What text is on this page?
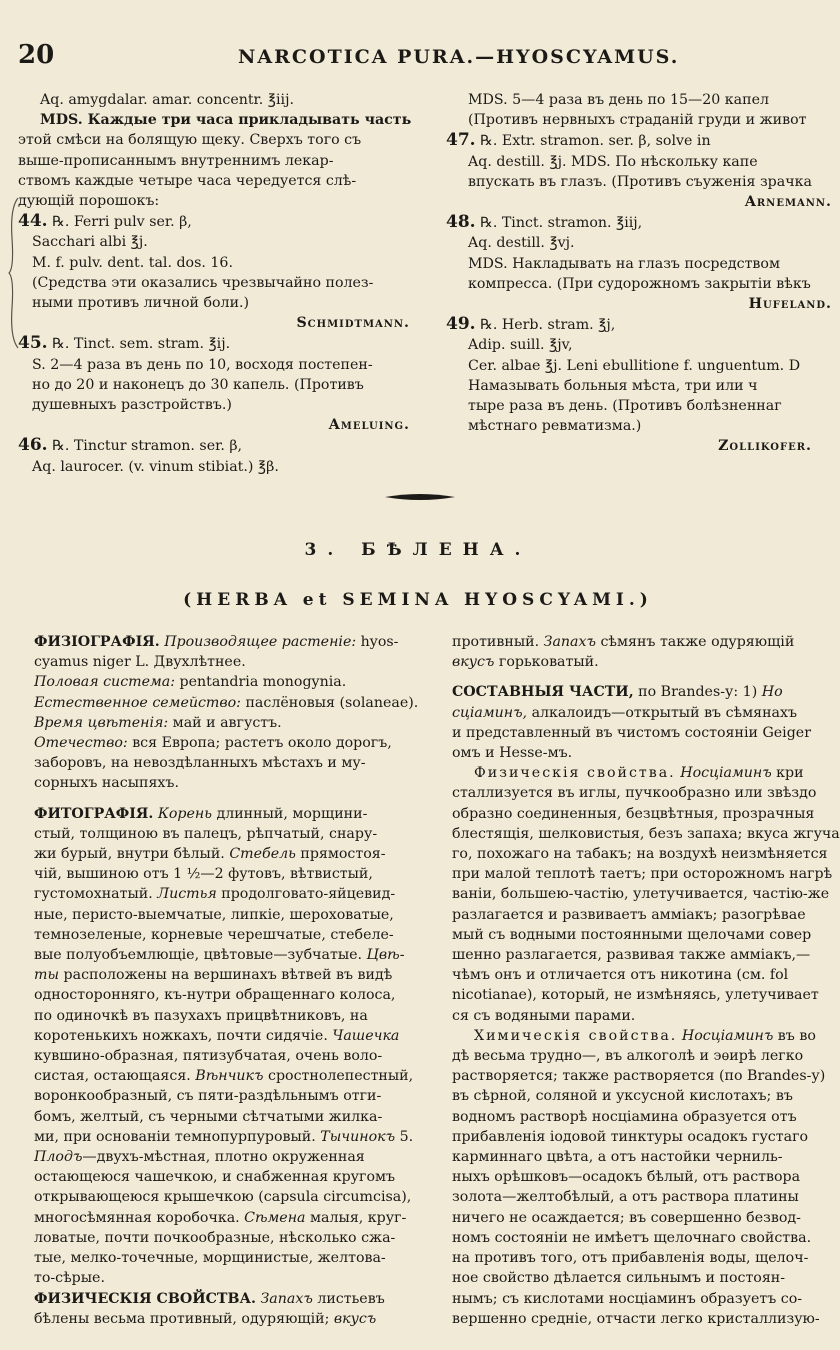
20	NARCOTICA PURA.—HYOSCYAMUS.

Aq. amygdalar. amar. concentr. ℥iij.

MDS. Каждые три часа прикладывать часть

этой смѣси на болящую щеку. Сверхъ того съ

выше-прописаннымъ внутреннимъ лекар-

ствомъ каждые четыре часа чередуется слѣ-

дующій порошокъ:

44. ℞. Ferri pulv ser. β,

Sacchari albi ℥j.

M. f. pulv. dent. tal. dos. 16.

(Средства эти оказались чрезвычайно полез-

ными противъ личной боли.)

Schmidtmann.

45. ℞. Tinct. sem. stram. ℥ij.

S. 2—4 раза въ день по 10, восходя постепен-

но до 20 и наконецъ до 30 капель. (Противъ

душевныхъ разстройствъ.)

Ameluing.

46. ℞. Tinctur stramon. ser. β,

Aq. laurocer. (v. vinum stibiat.) ℥β.

MDS. 5—4 раза въ день по 15—20 капел

(Противъ нервныхъ страданій груди и живот

47. ℞. Extr. stramon. ser. β, solve in

Aq. destill. ℥j. MDS. По нѣскольку капе

впускать въ глазъ. (Противъ съуженія зрачка

Arnemann.

48. ℞. Tinct. stramon. ℥iij,

Aq. destill. ℥vj.

MDS. Накладывать на глазъ посредством

компресса. (При судорожномъ закрытіи вѣкъ

Hufeland.

49. ℞. Herb. stram. ℥j,

Adip. suill. ℥jv,

Cer. albae ℥j. Leni ebullitione f. unguentum. D

Намазывать больныя мѣста, три или ч

тыре раза въ день. (Противъ болѣзненнаг

мѣстнаго ревматизма.)

Zollikofer.

3. БѢЛЕНА.
(HERBA et SEMINA HYOSCYAMI.)

ФИЗІОГРАФІЯ. Производящее растеніе: hyos-

cyamus niger L. Двухлѣтнее.

Половая система: pentandria monogynia.

Естественное семейство: паслёновыя (solaneae).

Время цвѣтенія: май и августъ.

Отечество: вся Европа; растетъ около дорогъ,

заборовъ, на невоздѣланныхъ мѣстахъ и му-

сорныхъ насыпяхъ.

ФИТОГРАФІЯ. Корень длинный, морщини-

стый, толщиною въ палецъ, рѣпчатый, снару-

жи бурый, внутри бѣлый. Стебель прямостоя-

чій, вышиною отъ 1 ½—2 футовъ, вѣтвистый,

густомохнатый. Листья продолговато-яйцевид-

ные, перисто-выемчатые, липкіе, шероховатые,

темнозеленые, корневые черешчатые, стебеле-

вые полуобъемлющіе, цвѣтовые—зубчатые. Цвѣ-

ты расположены на вершинахъ вѣтвей въ видѣ

односторонняго, къ-нутри обращеннаго колоса,

по одиночкѣ въ пазухахъ прицвѣтниковъ, на

коротенькихъ ножкахъ, почти сидячіе. Чашечка

кувшино-образная, пятизубчатая, очень воло-

систая, остающаяся. Вѣнчикъ сростнолепестный,

воронкообразный, съ пяти-раздѣльнымъ отги-

бомъ, желтый, съ черными сѣтчатыми жилка-

ми, при основаніи темнопурпуровый. Тычинокъ 5.

Плодъ—двухъ-мѣстная, плотно окруженная

остающеюся чашечкою, и снабженная кругомъ

открывающеюся крышечкою (capsula circumcisa),

многосѣмянная коробочка. Сѣмена малыя, круг-

ловатые, почти почкообразные, нѣсколько сжа-

тые, мелко-точечные, морщинистые, желтова-

то-сѣрые.

ФИЗИЧЕСКІЯ СВОЙСТВА. Запахъ листьевъ

бѣлены весьма противный, одуряющій; вкусъ

противный. Запахъ сѣмянъ также одуряющій

вкусъ горьковатый.

СОСТАВНЫЯ ЧАСТИ, по Brandes-у: 1) Ho

сціаминъ, алкалоидъ—открытый въ сѣмянахъ

и представленный въ чистомъ состояніи Geiger

омъ и Hesse-мъ.

Физическія свойства. Hосціаминъ кри

сталлизуется въ иглы, пучкообразно или звѣздо

образно соединенныя, безцвѣтныя, прозрачныя

блестящія, шелковистыя, безъ запаха; вкуса жгуча

го, похожаго на табакъ; на воздухѣ неизмѣняется

при малой теплотѣ таетъ; при осторожномъ нагрѣ

ваніи, большею-частію, улетучивается, частію-же

разлагается и развиваетъ аммiакъ; разогрѣвае

мый съ водными постоянными щелочами совер

шенно разлагается, развивая также аммiакъ,—

чѣмъ онъ и отличается отъ никотина (см. fol

nicotianae), который, не измѣняясь, улетучивает

ся съ водяными парами.

Химическія свойства. Hосціаминъ въ во

дѣ весьма трудно—, въ алкоголѣ и эѳирѣ легко

растворяется; также растворяется (по Brandes-у)

въ сѣрной, соляной и уксусной кислотахъ; въ

водномъ растворѣ носціамина образуется отъ

прибавленія іодовой тинктуры осадокъ густаго

карминнаго цвѣта, а отъ настойки черниль-

ныхъ орѣшковъ—осадокъ бѣлый, отъ раствора

золота—желтобѣлый, а отъ раствора платины

ничего не осаждается; въ совершенно безвод-

номъ состояніи не имѣетъ щелочнаго свойства.

на противъ того, отъ прибавленія воды, щелоч-

ное свойство дѣлается сильнымъ и постоян-

нымъ; съ кислотами носціаминъ образуетъ со-

вершенно средніе, отчасти легко кристаллизую-
